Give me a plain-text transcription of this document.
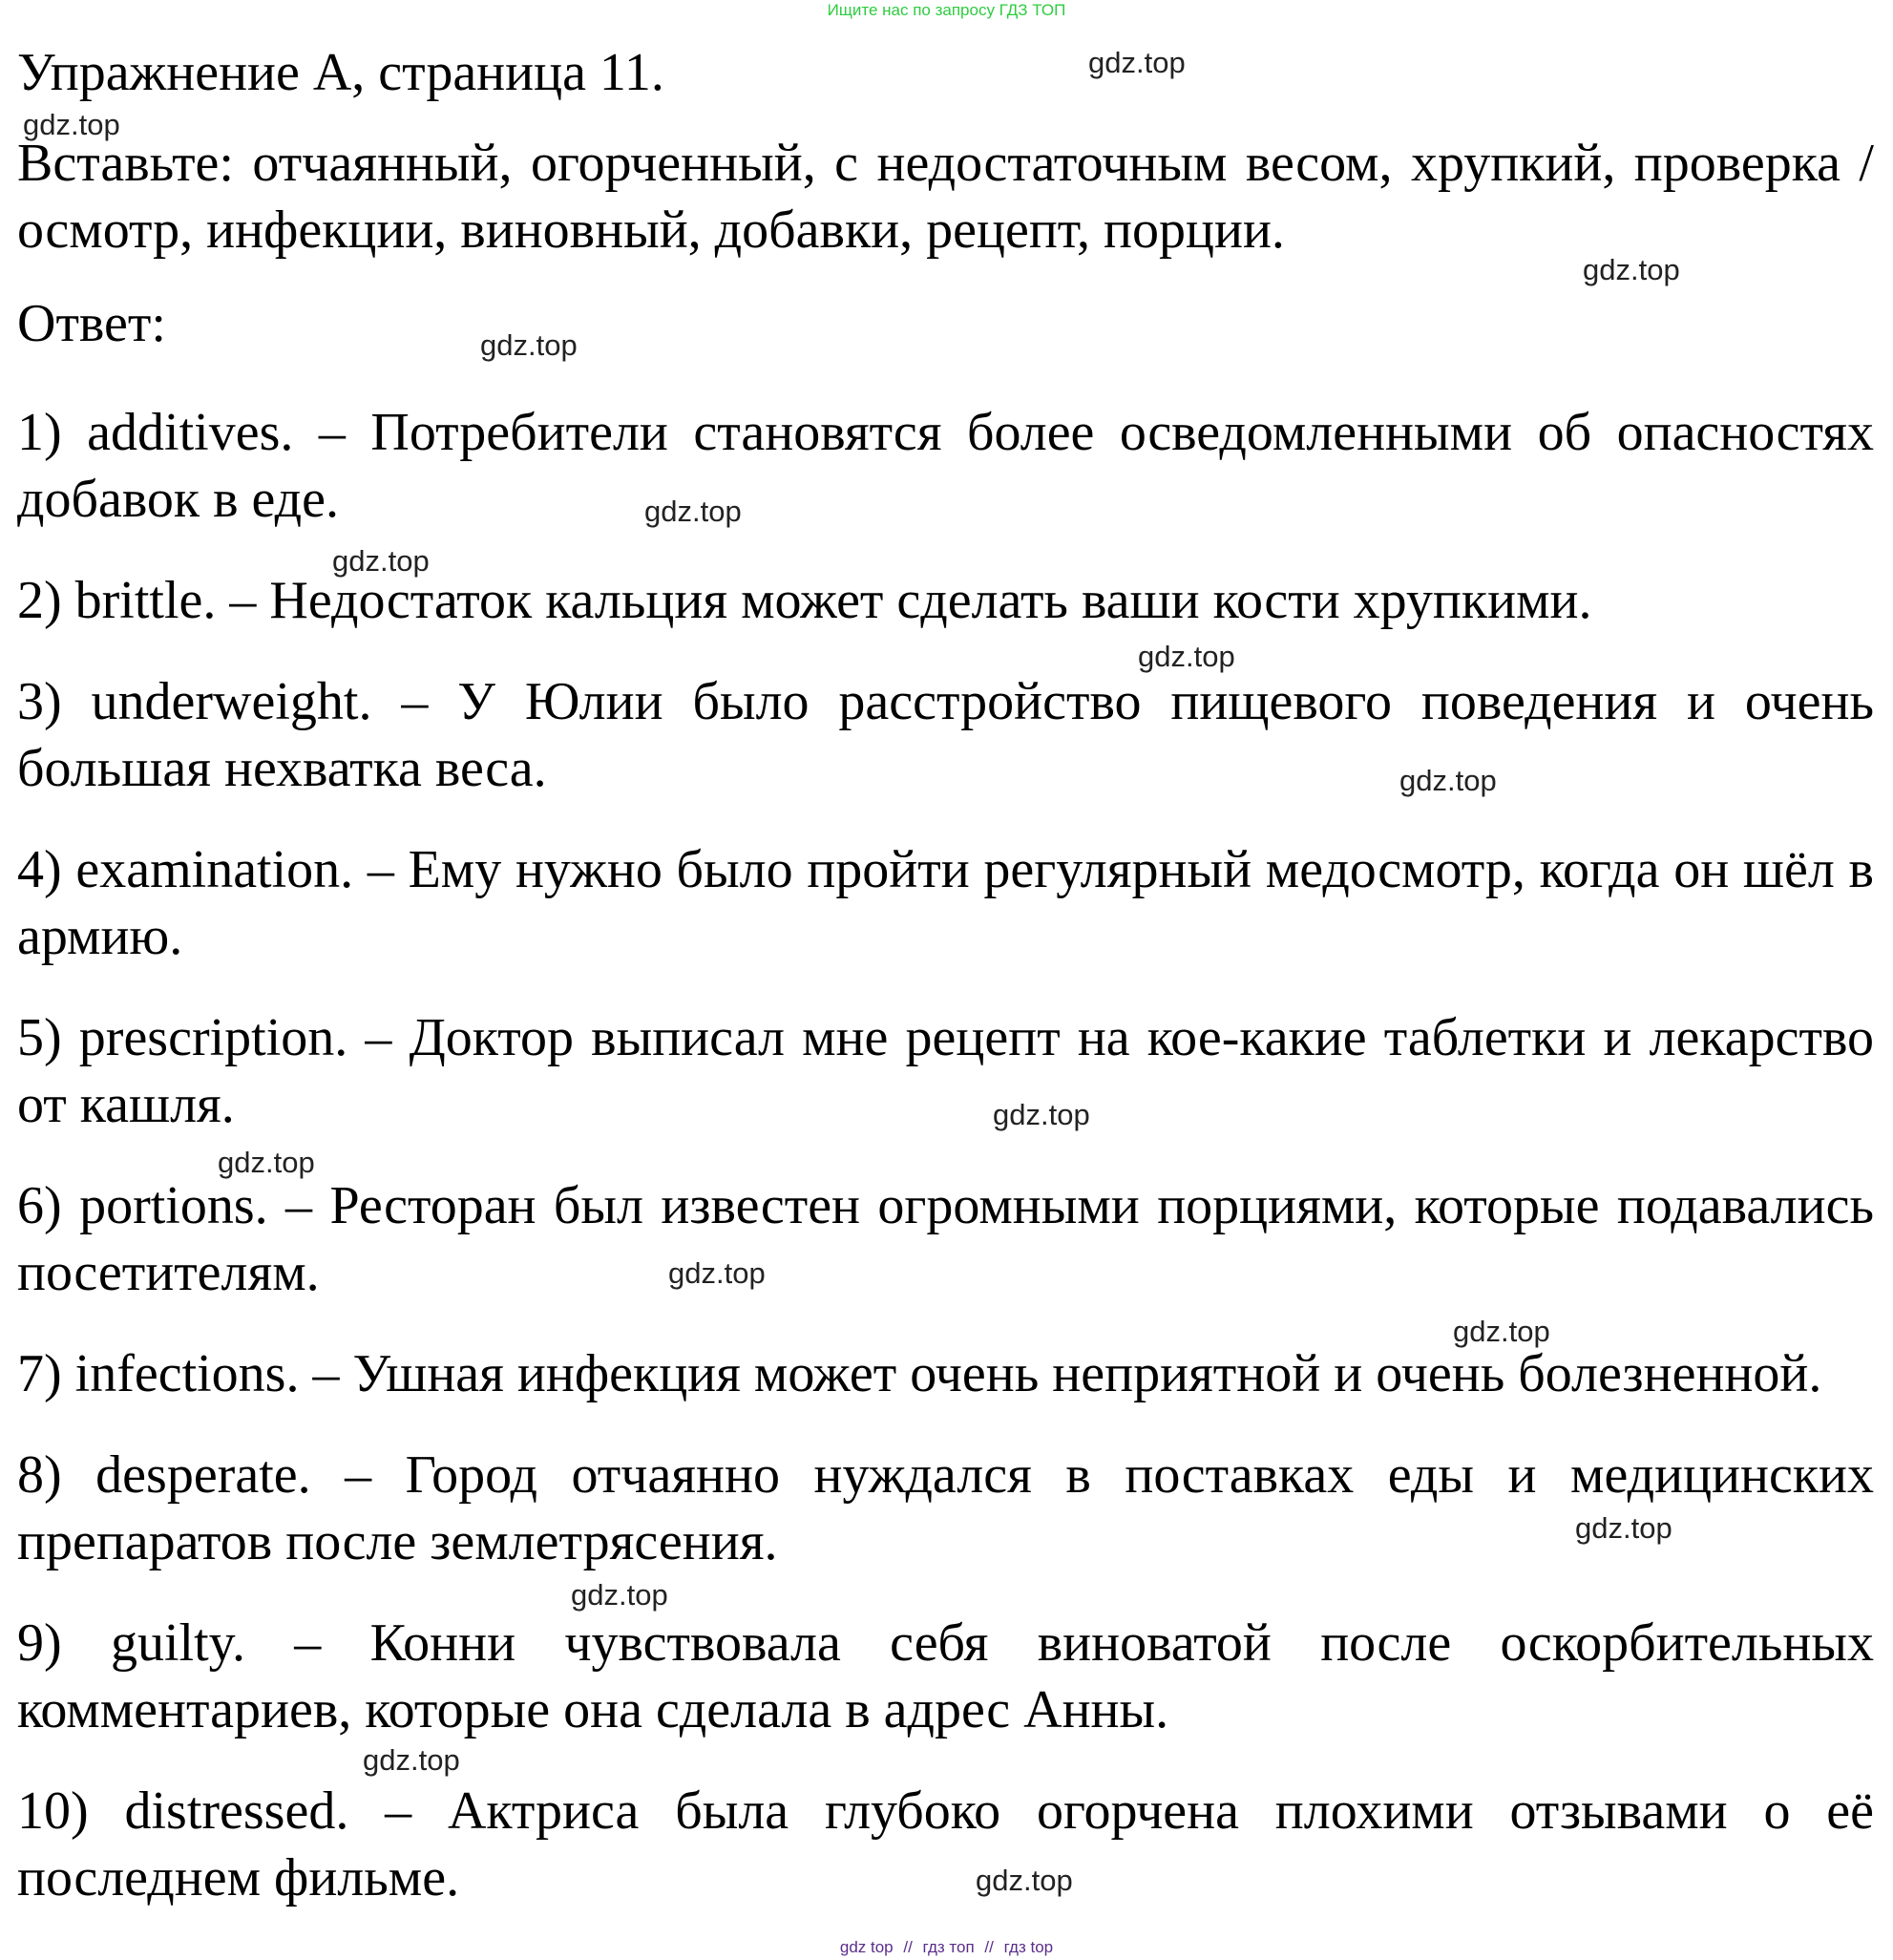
Ищите нас по запросу ГДЗ ТОП
Упражнение А, страница 11.

Вставьте: отчаянный, огорченный, с недостаточным весом, хрупкий, проверка / осмотр, инфекции, виновный, добавки, рецепт, порции.

Ответ:

1) additives. – Потребители становятся более осведомленными об опасностях добавок в еде.

2) brittle. – Недостаток кальция может сделать ваши кости хрупкими.

3) underweight. – У Юлии было расстройство пищевого поведения и очень большая нехватка веса.

4) examination. – Ему нужно было пройти регулярный медосмотр, когда он шёл в армию.

5) prescription. – Доктор выписал мне рецепт на кое-какие таблетки и лекарство от кашля.

6) portions. – Ресторан был известен огромными порциями, которые подавались посетителям.

7) infections. – Ушная инфекция может очень неприятной и очень болезненной.

8) desperate. – Город отчаянно нуждался в поставках еды и медицинских препаратов после землетрясения.

9) guilty. – Конни чувствовала себя виноватой после оскорбительных комментариев, которые она сделала в адрес Анны.

10) distressed. – Актриса была глубоко огорчена плохими отзывами о её последнем фильме.

gdz.top
gdz.top
gdz.top
gdz.top
gdz.top
gdz.top
gdz.top
gdz.top
gdz.top
gdz.top
gdz.top
gdz.top
gdz.top
gdz.top
gdz.top
gdz.top
gdz top // гдз топ // гдз top
